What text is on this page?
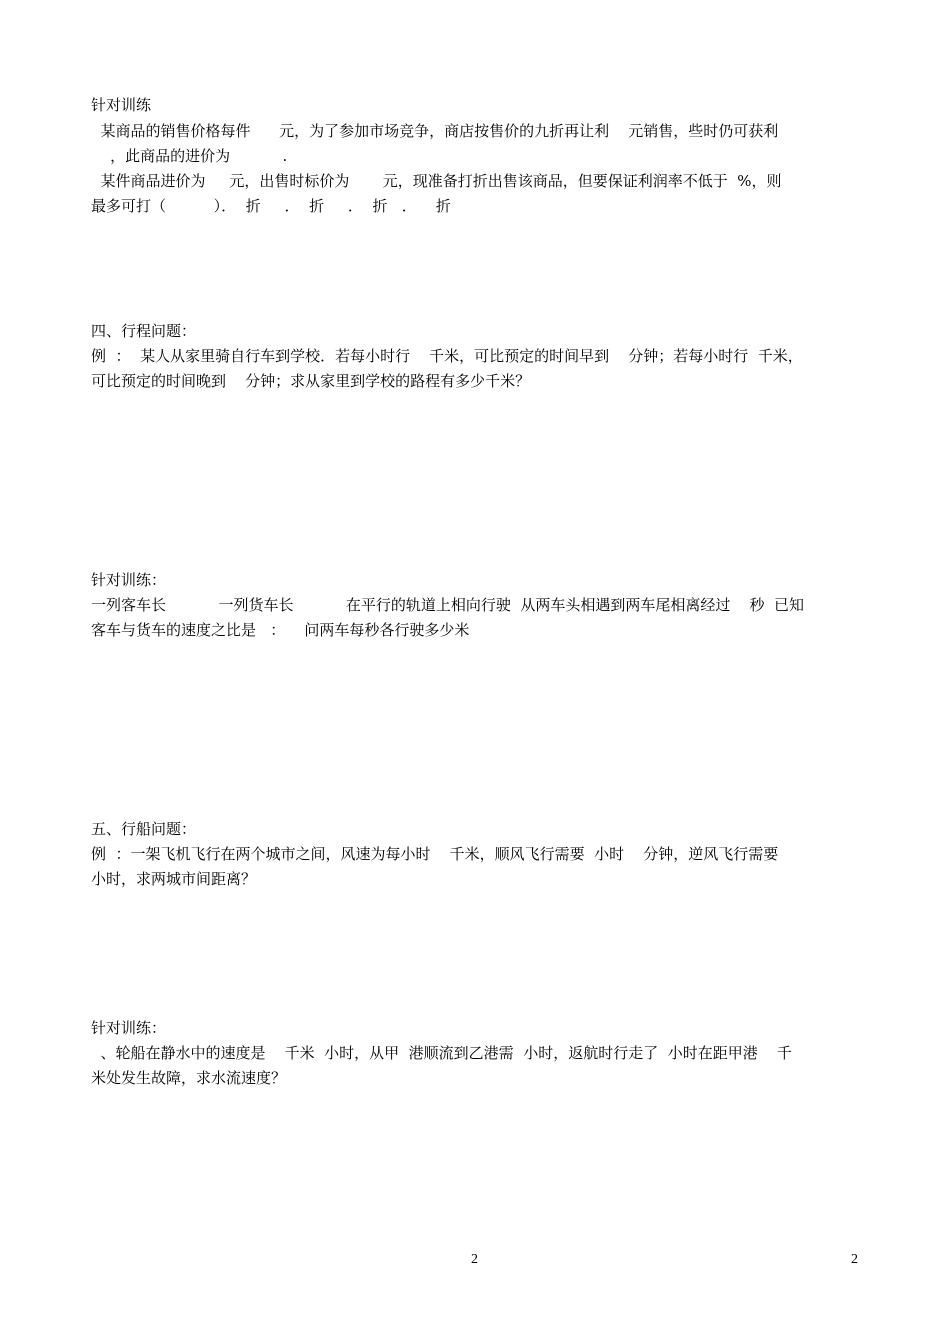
针对训练
某商品的销售价格每件      元，为了参加市场竞争，商店按售价的九折再让利    元销售，些时仍可获利
，此商品的进价为           .
某件商品进价为     元，出售时标价为       元，现准备打折出售该商品，但要保证利润率不低于  %，则
最多可打（          ）．  折     ．  折     ．  折   ．    折
四、行程问题：
例  ：  某人从家里骑自行车到学校．若每小时行    千米，可比预定的时间早到    分钟；若每小时行  千米，
可比预定的时间晚到    分钟；求从家里到学校的路程有多少千米？
针对训练：
一列客车长           一列货车长           在平行的轨道上相向行驶  从两车头相遇到两车尾相离经过    秒  已知
客车与货车的速度之比是   ：    问两车每秒各行驶多少米
五、行船问题：
例  ：一架飞机飞行在两个城市之间，风速为每小时    千米，顺风飞行需要  小时    分钟，逆风飞行需要
小时，求两城市间距离？
针对训练：
、轮船在静水中的速度是    千米  小时，从甲  港顺流到乙港需  小时，返航时行走了  小时在距甲港    千
米处发生故障，求水流速度？
2	2
